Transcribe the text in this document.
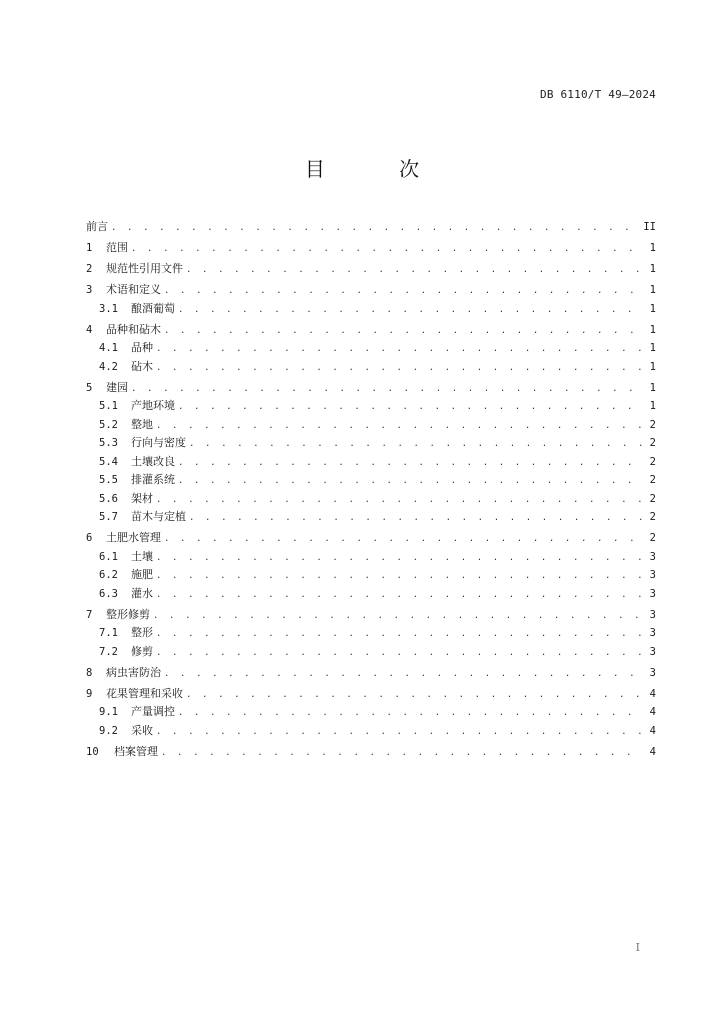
DB 6110/T 49—2024
目 次
前言 . . .	II
1	范围 . . .	1
2	规范性引用文件 . . .	1
3	术语和定义 . . .	1
3.1	酿酒葡萄 . . .	1
4	品种和砧木 . . .	1
4.1	品种 . . .	1
4.2	砧木 . . .	1
5	建园 . . .	1
5.1	产地环境 . . .	1
5.2	整地 . . .	2
5.3	行向与密度 . . .	2
5.4	土壤改良 . . .	2
5.5	排灌系统 . . .	2
5.6	架材 . . .	2
5.7	苗木与定植 . . .	2
6	土肥水管理 . . .	2
6.1	土壤 . . .	3
6.2	施肥 . . .	3
6.3	灌水 . . .	3
7	整形修剪 . . .	3
7.1	整形 . . .	3
7.2	修剪 . . .	3
8	病虫害防治 . . .	3
9	花果管理和采收 . . .	4
9.1	产量调控 . . .	4
9.2	采收 . . .	4
10	档案管理 . . .	4
I
